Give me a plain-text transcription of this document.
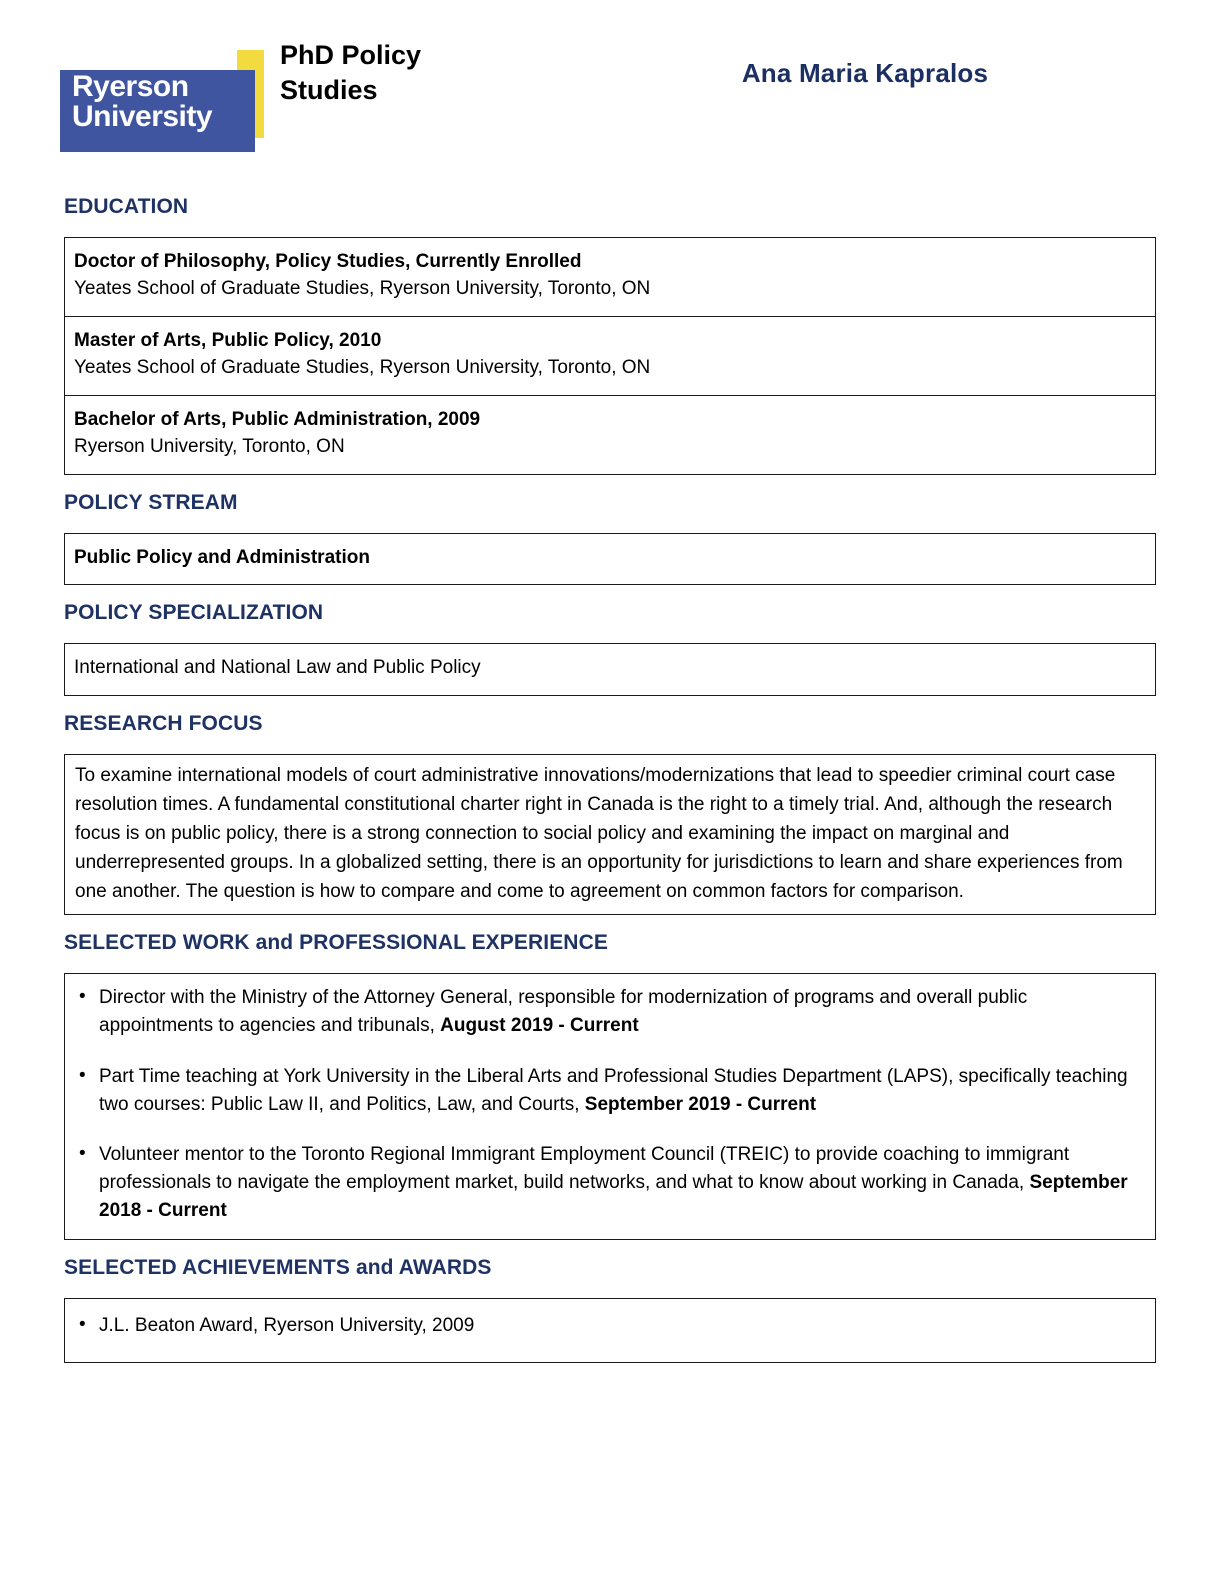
Ryerson
University
PhD Policy Studies
Ana Maria Kapralos
EDUCATION
Doctor of Philosophy, Policy Studies, Currently Enrolled
Yeates School of Graduate Studies, Ryerson University, Toronto, ON
Master of Arts, Public Policy, 2010
Yeates School of Graduate Studies, Ryerson University, Toronto, ON
Bachelor of Arts, Public Administration, 2009
Ryerson University, Toronto, ON
POLICY STREAM
Public Policy and Administration
POLICY SPECIALIZATION
International and National Law and Public Policy
RESEARCH FOCUS
To examine international models of court administrative innovations/modernizations that lead to speedier criminal court case resolution times. A fundamental constitutional charter right in Canada is the right to a timely trial. And, although the research focus is on public policy, there is a strong connection to social policy and examining the impact on marginal and underrepresented groups. In a globalized setting, there is an opportunity for jurisdictions to learn and share experiences from one another. The question is how to compare and come to agreement on common factors for comparison.
SELECTED WORK and PROFESSIONAL EXPERIENCE
• Director with the Ministry of the Attorney General, responsible for modernization of programs and overall public appointments to agencies and tribunals, August 2019 - Current
• Part Time teaching at York University in the Liberal Arts and Professional Studies Department (LAPS), specifically teaching two courses: Public Law II, and Politics, Law, and Courts, September 2019 - Current
• Volunteer mentor to the Toronto Regional Immigrant Employment Council (TREIC) to provide coaching to immigrant professionals to navigate the employment market, build networks, and what to know about working in Canada, September 2018 - Current
SELECTED ACHIEVEMENTS and AWARDS
• J.L. Beaton Award, Ryerson University, 2009
